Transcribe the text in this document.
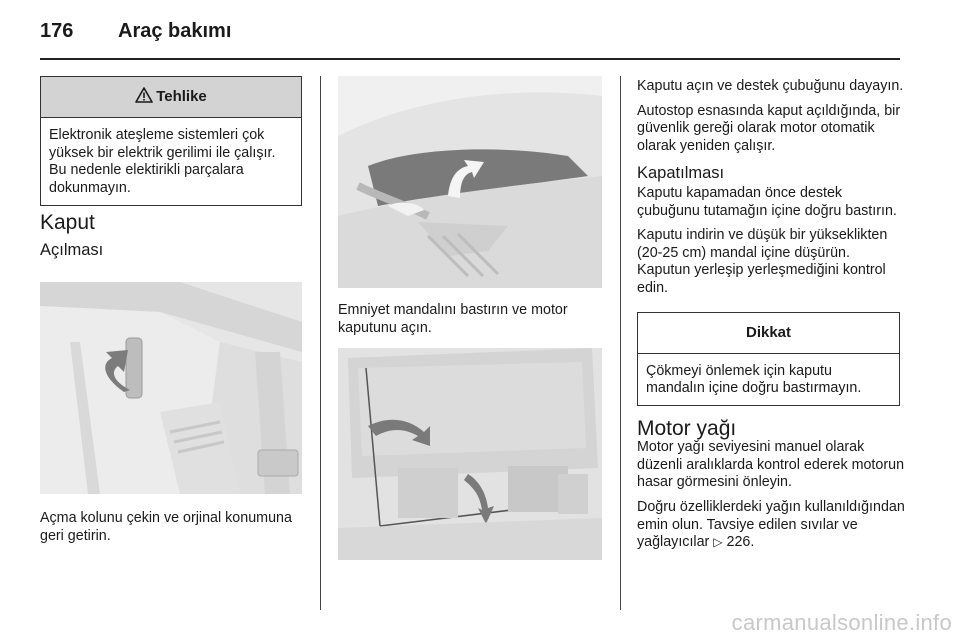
176 Araç bakımı
Tehlike
Elektronik ateşleme sistemleri çok yüksek bir elektrik gerilimi ile çalışır. Bu nedenle elektirikli parçalara dokunmayın.
Kaput
Açılması

Açma kolunu çekin ve orjinal konumuna geri getirin.

Emniyet mandalını bastırın ve motor kaputunu açın.

Kaputu açın ve destek çubuğunu dayayın.

Autostop esnasında kaput açıldığında, bir güvenlik gereği olarak motor otomatik olarak yeniden çalışır.

Kapatılması

Kaputu kapamadan önce destek çubuğunu tutamağın içine doğru bastırın.

Kaputu indirin ve düşük bir yükseklikten (20-25 cm) mandal içine düşürün. Kaputun yerleşip yerleşmediğini kontrol edin.

Dikkat
Çökmeyi önlemek için kaputu mandalın içine doğru bastırmayın.
Motor yağı

Motor yağı seviyesini manuel olarak düzenli aralıklarda kontrol ederek motorun hasar görmesini önleyin.

Doğru özelliklerdeki yağın kullanıldığından emin olun. Tavsiye edilen sıvılar ve yağlayıcılar ▷ 226.

carmanualsonline.info
